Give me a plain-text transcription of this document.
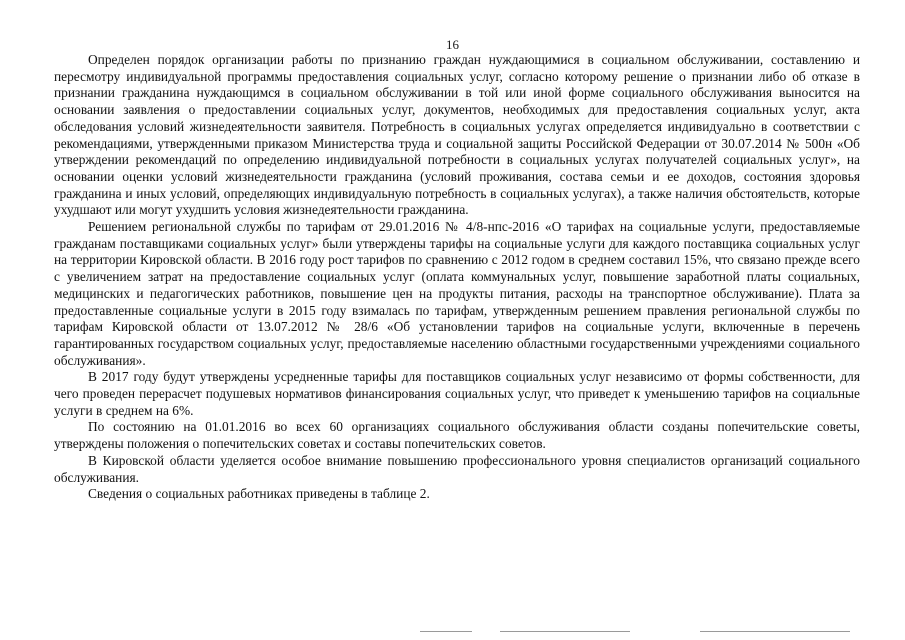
16

Определен порядок организации работы по признанию граждан нуждающимися в социальном обслуживании, составлению и пересмотру индивидуальной программы предоставления социальных услуг, согласно которому решение о признании либо об отказе в признании гражданина нуждающимся в социальном обслуживании в той или иной форме социального обслуживания выносится на основании заявления о предоставлении социальных услуг, документов, необходимых для предоставления социальных услуг, акта обследования условий жизнедеятельности заявителя. Потребность в социальных услугах определяется индивидуально в соответствии с рекомендациями, утвержденными приказом Министерства труда и социальной защиты Российской Федерации от 30.07.2014 № 500н «Об утверждении рекомендаций по определению индивидуальной потребности в социальных услугах получателей социальных услуг», на основании оценки условий жизнедеятельности гражданина (условий проживания, состава семьи и ее доходов, состояния здоровья гражданина и иных условий, определяющих индивидуальную потребность в социальных услугах), а также наличия обстоятельств, которые ухудшают или могут ухудшить условия жизнедеятельности гражданина.

Решением региональной службы по тарифам от 29.01.2016 № 4/8-нпс-2016 «О тарифах на социальные услуги, предоставляемые гражданам поставщиками социальных услуг» были утверждены тарифы на социальные услуги для каждого поставщика социальных услуг на территории Кировской области. В 2016 году рост тарифов по сравнению с 2012 годом в среднем составил 15%, что связано прежде всего с увеличением затрат на предоставление социальных услуг (оплата коммунальных услуг, повышение заработной платы социальных, медицинских и педагогических работников, повышение цен на продукты питания, расходы на транспортное обслуживание). Плата за предоставленные социальные услуги в 2015 году взималась по тарифам, утвержденным решением правления региональной службы по тарифам Кировской области от 13.07.2012 № 28/6 «Об установлении тарифов на социальные услуги, включенные в перечень гарантированных государством социальных услуг, предоставляемые населению областными государственными учреждениями социального обслуживания».

В 2017 году будут утверждены усредненные тарифы для поставщиков социальных услуг независимо от формы собственности, для чего проведен перерасчет подушевых нормативов финансирования социальных услуг, что приведет к уменьшению тарифов на социальные услуги в среднем на 6%.

По состоянию на 01.01.2016 во всех 60 организациях социального обслуживания области созданы попечительские советы, утверждены положения о попечительских советах и составы попечительских советов.

В Кировской области уделяется особое внимание повышению профессионального уровня специалистов организаций социального обслуживания.

Сведения о социальных работниках приведены в таблице 2.
